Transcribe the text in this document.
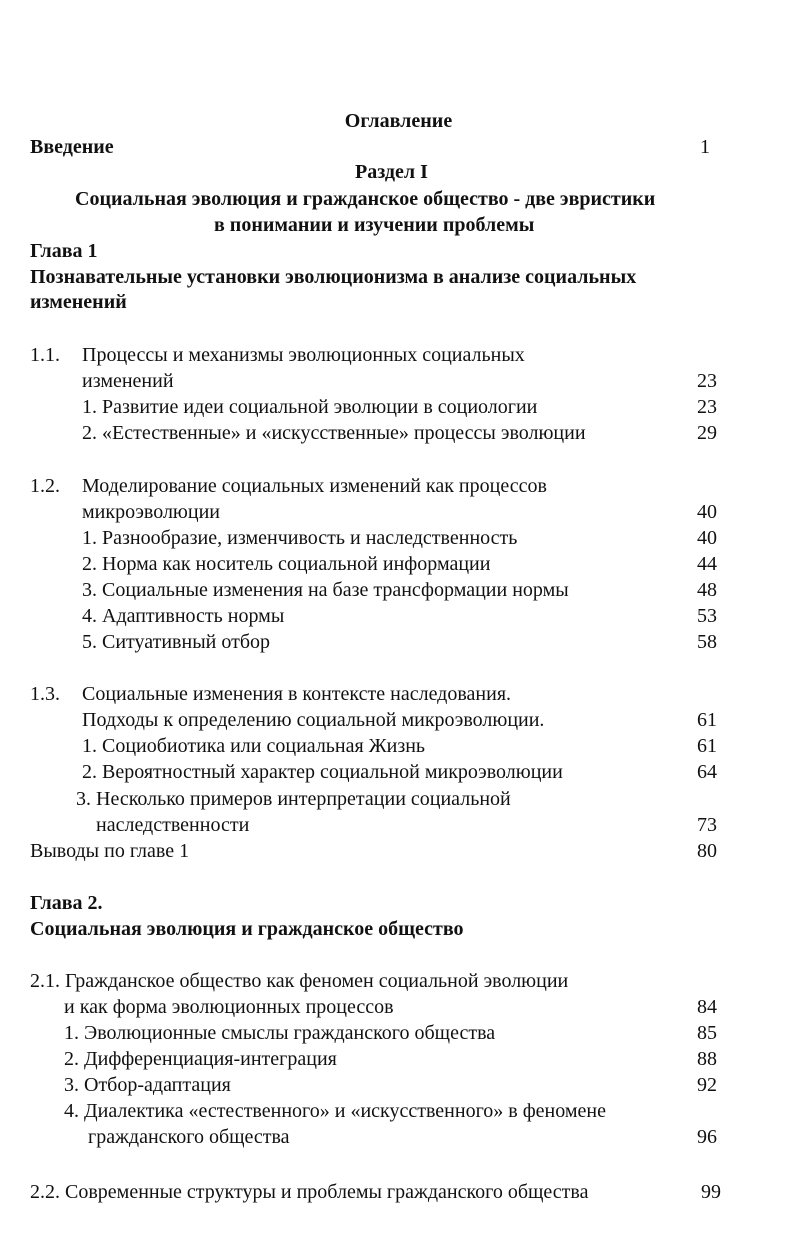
Оглавление
Введение	1
Раздел I
Социальная эволюция и гражданское общество - две эвристики
в понимании и изучении проблемы
Глава 1
Познавательные установки эволюционизма в анализе социальных
изменений
1.1. Процессы и механизмы эволюционных социальных
изменений	23
1. Развитие идеи социальной эволюции в социологии	23
2. «Естественные» и «искусственные» процессы эволюции	29
1.2. Моделирование социальных изменений как процессов
микроэволюции	40
1. Разнообразие, изменчивость и наследственность	40
2. Норма как носитель социальной информации	44
3. Социальные изменения на базе трансформации нормы	48
4. Адаптивность нормы	53
5. Ситуативный отбор	58
1.3. Социальные изменения в контексте наследования.
Подходы к определению социальной микроэволюции.	61
1. Социобиотика или социальная Жизнь	61
2. Вероятностный характер социальной микроэволюции	64
3. Несколько примеров интерпретации социальной
наследственности	73
Выводы по главе 1	80
Глава 2.
Социальная эволюция и гражданское общество
2.1. Гражданское общество как феномен социальной эволюции
и как форма эволюционных процессов	84
1. Эволюционные смыслы гражданского общества	85
2. Дифференциация-интеграция	88
3. Отбор-адаптация	92
4. Диалектика «естественного» и «искусственного» в феномене
гражданского общества	96
2.2. Современные структуры и проблемы гражданского общества	99
